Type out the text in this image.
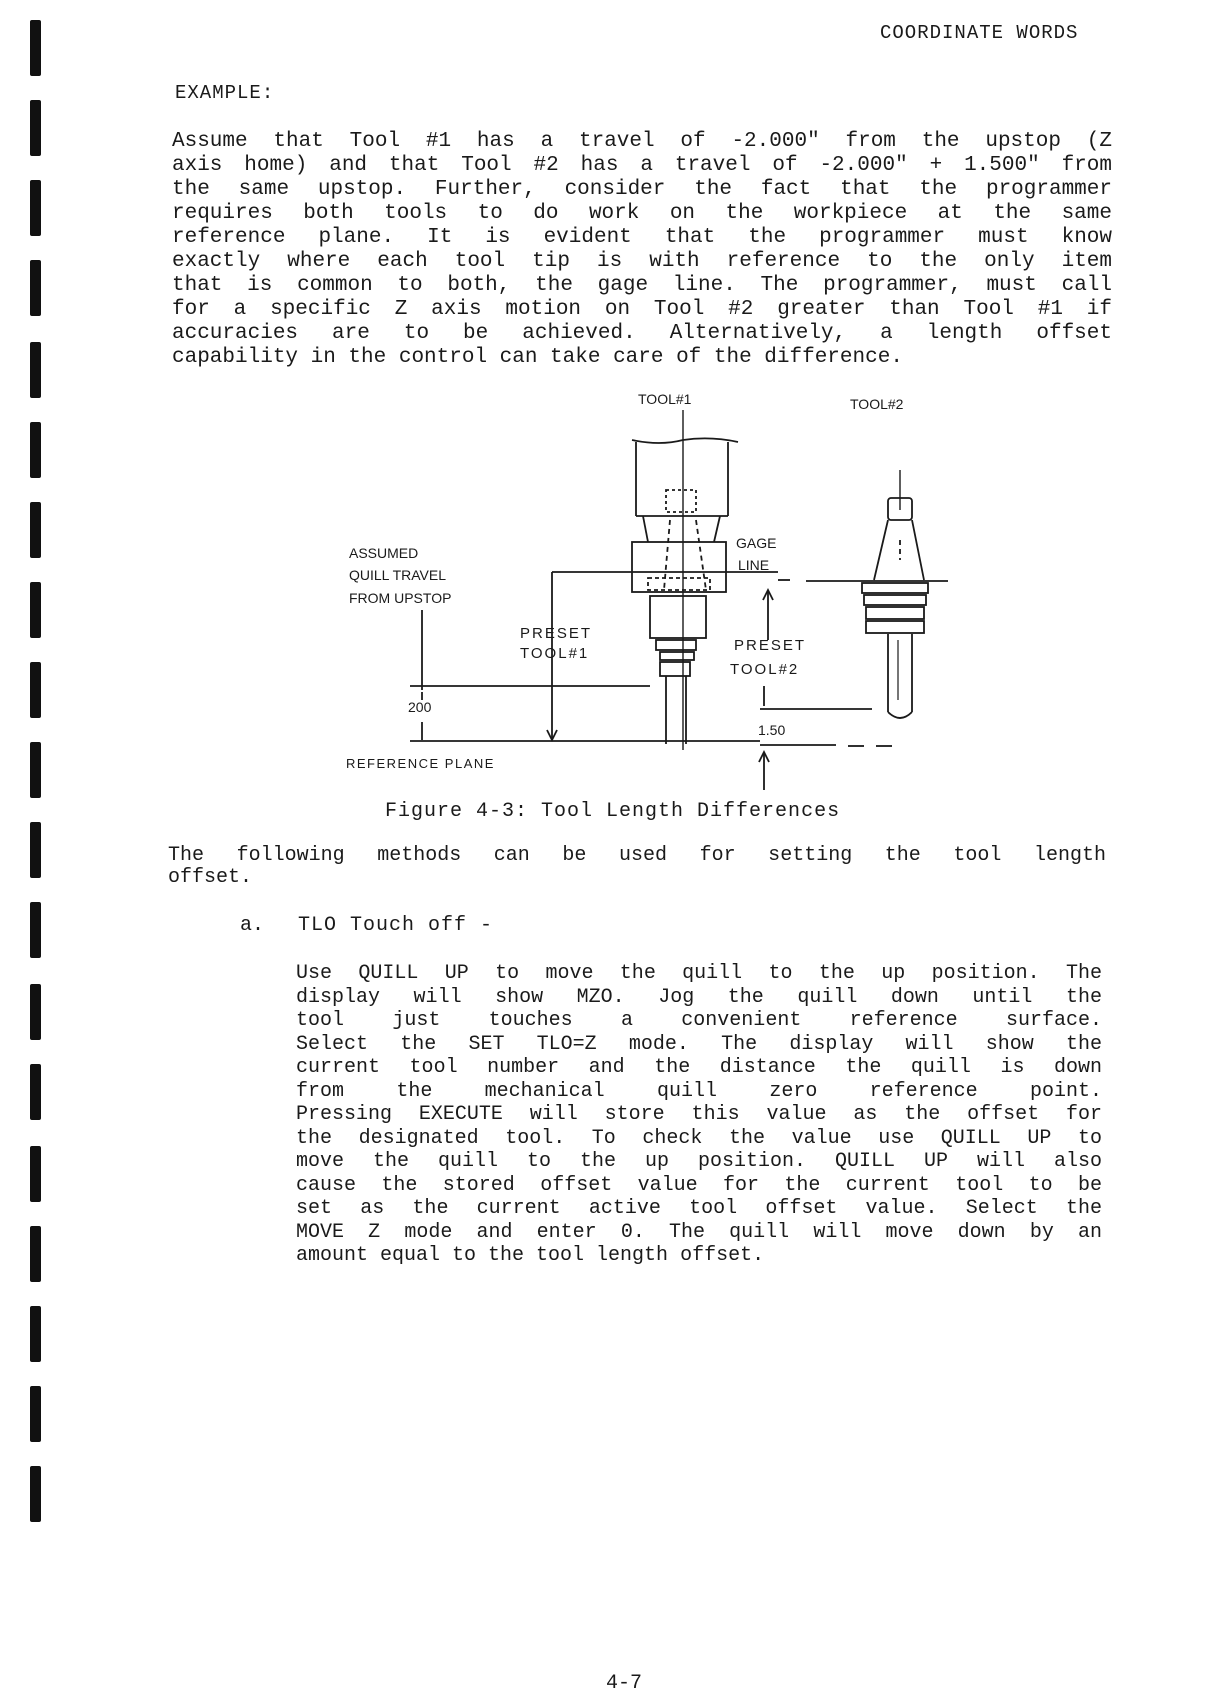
COORDINATE WORDS
EXAMPLE:
Assume that Tool #1 has a travel of -2.000" from the upstop (Z
axis home) and that Tool #2 has a travel of -2.000" + 1.500" from
the same upstop. Further, consider the fact that the programmer
requires both tools to do work on the workpiece at the same
reference plane. It is evident that the programmer must know
exactly where each tool tip is with reference to the only item
that is common to both, the gage line. The programmer, must call
for a specific Z axis motion on Tool #2 greater than Tool #1 if
accuracies are to be achieved. Alternatively, a length offset
capability in the control can take care of the difference.
TOOL#1	TOOL#2
ASSUMED
QUILL TRAVEL
FROM UPSTOP
GAGE
LINE
PRESET
TOOL#1	PRESET
TOOL#2
200
1.50
REFERENCE PLANE
Figure 4-3: Tool Length Differences
The following methods can be used for setting the tool length
offset.
a. TLO Touch off -
Use QUILL UP to move the quill to the up position. The
display will show MZO. Jog the quill down until the
tool just touches a convenient reference surface.
Select the SET TLO=Z mode. The display will show the
current tool number and the distance the quill is down
from the mechanical quill zero reference point.
Pressing EXECUTE will store this value as the offset for
the designated tool. To check the value use QUILL UP to
move the quill to the up position. QUILL UP will also
cause the stored offset value for the current tool to be
set as the current active tool offset value. Select the
MOVE Z mode and enter 0. The quill will move down by an
amount equal to the tool length offset.
4-7
